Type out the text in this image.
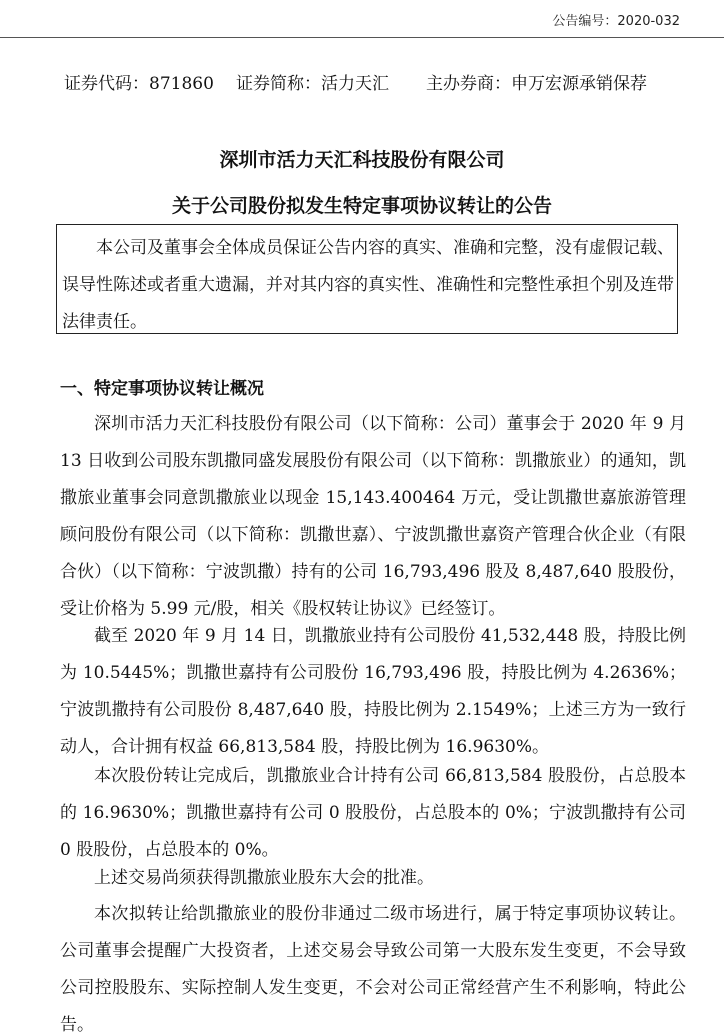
公告编号：2020-032
证券代码：871860	证券简称：活力天汇	主办券商：申万宏源承销保荐
深圳市活力天汇科技股份有限公司
关于公司股份拟发生特定事项协议转让的公告
本公司及董事会全体成员保证公告内容的真实、准确和完整，没有虚假记载、误导性陈述或者重大遗漏，并对其内容的真实性、准确性和完整性承担个别及连带法律责任。
一、特定事项协议转让概况
深圳市活力天汇科技股份有限公司（以下简称：公司）董事会于 2020 年 9 月 13 日收到公司股东凯撒同盛发展股份有限公司（以下简称：凯撒旅业）的通知，凯撒旅业董事会同意凯撒旅业以现金 15,143.400464 万元，受让凯撒世嘉旅游管理顾问股份有限公司（以下简称：凯撒世嘉）、宁波凯撒世嘉资产管理合伙企业（有限合伙）（以下简称：宁波凯撒）持有的公司 16,793,496 股及 8,487,640 股股份，受让价格为 5.99 元/股，相关《股权转让协议》已经签订。
截至 2020 年 9 月 14 日，凯撒旅业持有公司股份 41,532,448 股，持股比例为 10.5445%；凯撒世嘉持有公司股份 16,793,496 股，持股比例为 4.2636%；宁波凯撒持有公司股份 8,487,640 股，持股比例为 2.1549%；上述三方为一致行动人，合计拥有权益 66,813,584 股，持股比例为 16.9630%。
本次股份转让完成后，凯撒旅业合计持有公司 66,813,584 股股份，占总股本的 16.9630%；凯撒世嘉持有公司 0 股股份，占总股本的 0%；宁波凯撒持有公司 0 股股份，占总股本的 0%。
上述交易尚须获得凯撒旅业股东大会的批准。
本次拟转让给凯撒旅业的股份非通过二级市场进行，属于特定事项协议转让。公司董事会提醒广大投资者，上述交易会导致公司第一大股东发生变更，不会导致公司控股股东、实际控制人发生变更，不会对公司正常经营产生不利影响，特此公告。
